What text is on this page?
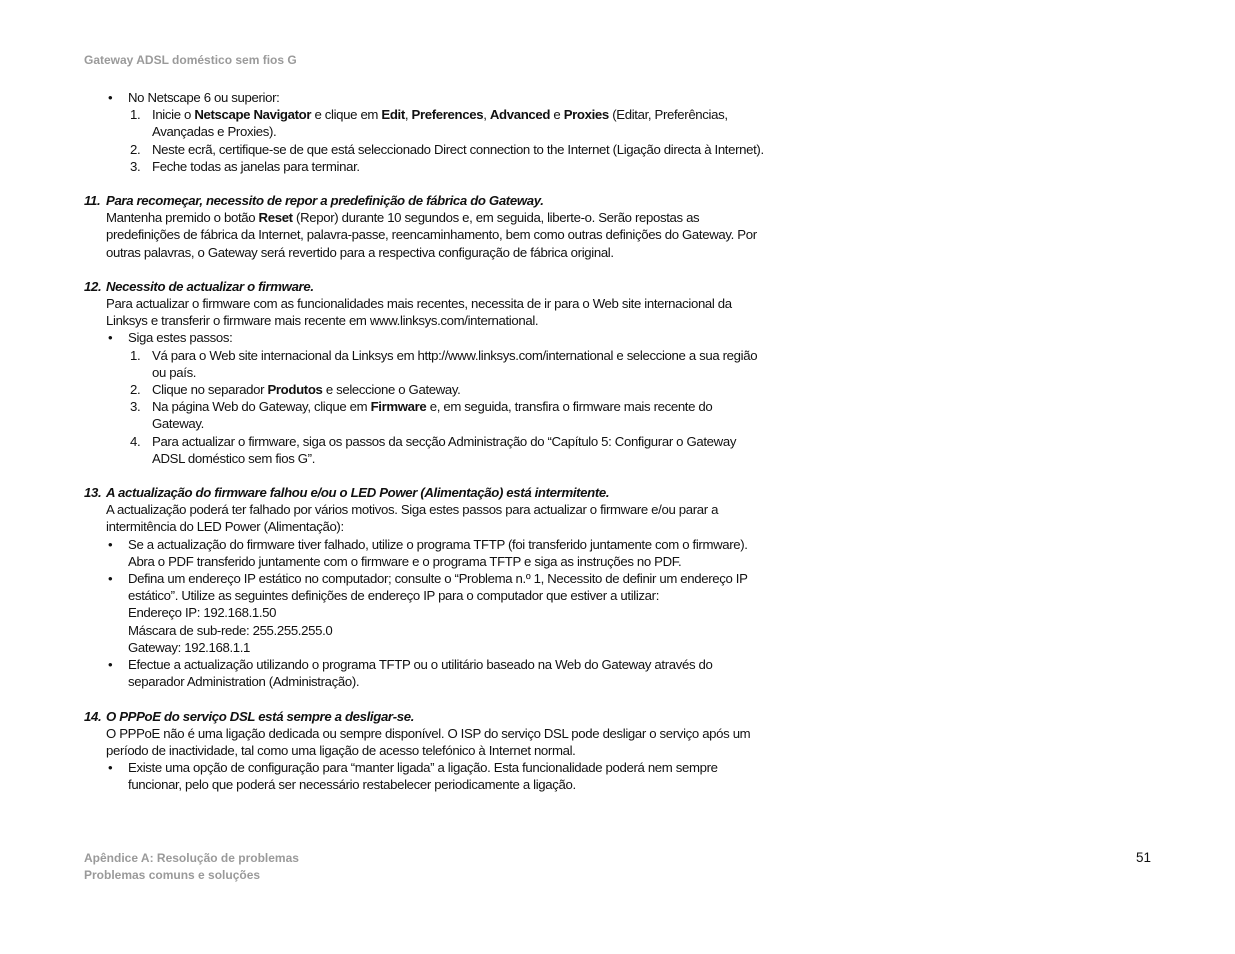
Gateway ADSL doméstico sem fios G
• No Netscape 6 ou superior:
1. Inicie o Netscape Navigator e clique em Edit, Preferences, Advanced e Proxies (Editar, Preferências, Avançadas e Proxies).
2. Neste ecrã, certifique-se de que está seleccionado Direct connection to the Internet (Ligação directa à Internet).
3. Feche todas as janelas para terminar.
11. Para recomeçar, necessito de repor a predefinição de fábrica do Gateway.
Mantenha premido o botão Reset (Repor) durante 10 segundos e, em seguida, liberte-o. Serão repostas as predefinições de fábrica da Internet, palavra-passe, reencaminhamento, bem como outras definições do Gateway. Por outras palavras, o Gateway será revertido para a respectiva configuração de fábrica original.
12. Necessito de actualizar o firmware.
Para actualizar o firmware com as funcionalidades mais recentes, necessita de ir para o Web site internacional da Linksys e transferir o firmware mais recente em www.linksys.com/international.
• Siga estes passos:
1. Vá para o Web site internacional da Linksys em http://www.linksys.com/international e seleccione a sua região ou país.
2. Clique no separador Produtos e seleccione o Gateway.
3. Na página Web do Gateway, clique em Firmware e, em seguida, transfira o firmware mais recente do Gateway.
4. Para actualizar o firmware, siga os passos da secção Administração do “Capítulo 5: Configurar o Gateway ADSL doméstico sem fios G”.
13. A actualização do firmware falhou e/ou o LED Power (Alimentação) está intermitente.
A actualização poderá ter falhado por vários motivos. Siga estes passos para actualizar o firmware e/ou parar a intermitência do LED Power (Alimentação):
• Se a actualização do firmware tiver falhado, utilize o programa TFTP (foi transferido juntamente com o firmware). Abra o PDF transferido juntamente com o firmware e o programa TFTP e siga as instruções no PDF.
• Defina um endereço IP estático no computador; consulte o “Problema n.º 1, Necessito de definir um endereço IP estático”. Utilize as seguintes definições de endereço IP para o computador que estiver a utilizar:
Endereço IP: 192.168.1.50
Máscara de sub-rede: 255.255.255.0
Gateway: 192.168.1.1
• Efectue a actualização utilizando o programa TFTP ou o utilitário baseado na Web do Gateway através do separador Administration (Administração).
14. O PPPoE do serviço DSL está sempre a desligar-se.
O PPPoE não é uma ligação dedicada ou sempre disponível. O ISP do serviço DSL pode desligar o serviço após um período de inactividade, tal como uma ligação de acesso telefónico à Internet normal.
• Existe uma opção de configuração para “manter ligada” a ligação. Esta funcionalidade poderá nem sempre funcionar, pelo que poderá ser necessário restabelecer periodicamente a ligação.
Apêndice A: Resolução de problemas
Problemas comuns e soluções
51
